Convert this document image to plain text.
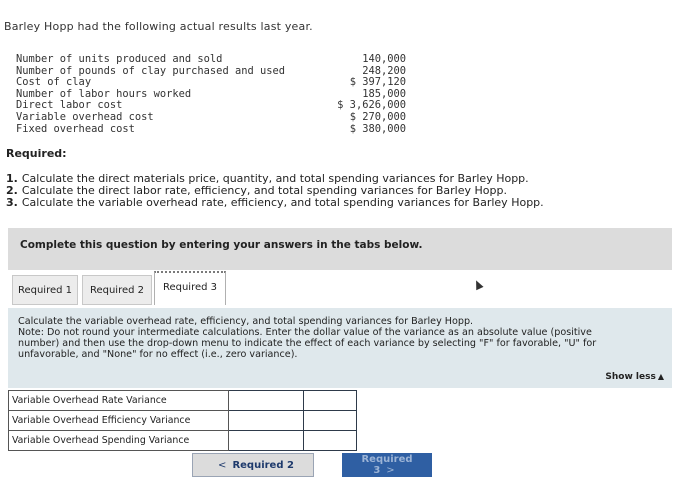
Barley Hopp had the following actual results last year.
Number of units produced and sold	140,000
Number of pounds of clay purchased and used	248,200
Cost of clay	$ 397,120
Number of labor hours worked	185,000
Direct labor cost	$ 3,626,000
Variable overhead cost	$ 270,000
Fixed overhead cost	$ 380,000
Required:
1. Calculate the direct materials price, quantity, and total spending variances for Barley Hopp.
2. Calculate the direct labor rate, efficiency, and total spending variances for Barley Hopp.
3. Calculate the variable overhead rate, efficiency, and total spending variances for Barley Hopp.
Complete this question by entering your answers in the tabs below.
Required 1	Required 2	Required 3
Calculate the variable overhead rate, efficiency, and total spending variances for Barley Hopp.
Note: Do not round your intermediate calculations. Enter the dollar value of the variance as an absolute value (positive number) and then use the drop-down menu to indicate the effect of each variance by selecting "F" for favorable, "U" for unfavorable, and "None" for no effect (i.e., zero variance).
Show less ▲
Variable Overhead Rate Variance		
Variable Overhead Efficiency Variance		
Variable Overhead Spending Variance		
< Required 2	Required 3 >
